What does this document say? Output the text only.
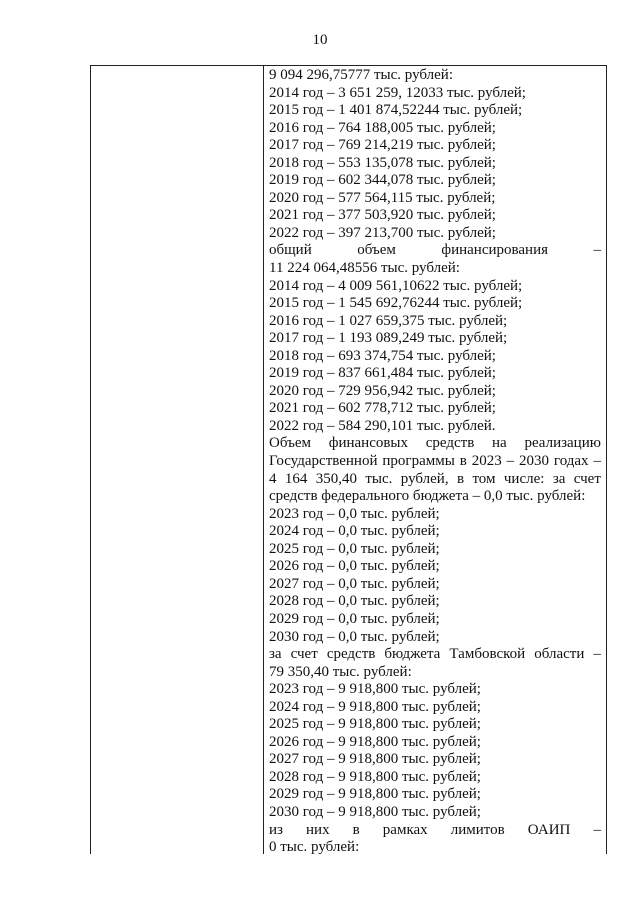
10
9 094 296,75777 тыс. рублей:
2014 год – 3 651 259, 12033 тыс. рублей;
2015 год – 1 401 874,52244 тыс. рублей;
2016 год – 764 188,005 тыс. рублей;
2017 год – 769 214,219 тыс. рублей;
2018 год – 553 135,078 тыс. рублей;
2019 год – 602 344,078 тыс. рублей;
2020 год – 577 564,115 тыс. рублей;
2021 год – 377 503,920 тыс. рублей;
2022 год – 397 213,700 тыс. рублей;
общий	объем	финансирования	–
11 224 064,48556 тыс. рублей:
2014 год – 4 009 561,10622 тыс. рублей;
2015 год – 1 545 692,76244 тыс. рублей;
2016 год – 1 027 659,375 тыс. рублей;
2017 год – 1 193 089,249 тыс. рублей;
2018 год – 693 374,754 тыс. рублей;
2019 год – 837 661,484 тыс. рублей;
2020 год – 729 956,942 тыс. рублей;
2021 год – 602 778,712 тыс. рублей;
2022 год – 584 290,101 тыс. рублей.
Объем финансовых средств на реализацию
Государственной программы в 2023 – 2030 годах –
4 164 350,40 тыс. рублей, в том числе: за счет
средств федерального бюджета – 0,0 тыс. рублей:
2023 год – 0,0 тыс. рублей;
2024 год – 0,0 тыс. рублей;
2025 год – 0,0 тыс. рублей;
2026 год – 0,0 тыс. рублей;
2027 год – 0,0 тыс. рублей;
2028 год – 0,0 тыс. рублей;
2029 год – 0,0 тыс. рублей;
2030 год – 0,0 тыс. рублей;
за счет средств бюджета Тамбовской области –
79 350,40 тыс. рублей:
2023 год – 9 918,800 тыс. рублей;
2024 год – 9 918,800 тыс. рублей;
2025 год – 9 918,800 тыс. рублей;
2026 год – 9 918,800 тыс. рублей;
2027 год – 9 918,800 тыс. рублей;
2028 год – 9 918,800 тыс. рублей;
2029 год – 9 918,800 тыс. рублей;
2030 год – 9 918,800 тыс. рублей;
из них в рамках лимитов ОАИП –
0 тыс. рублей:
